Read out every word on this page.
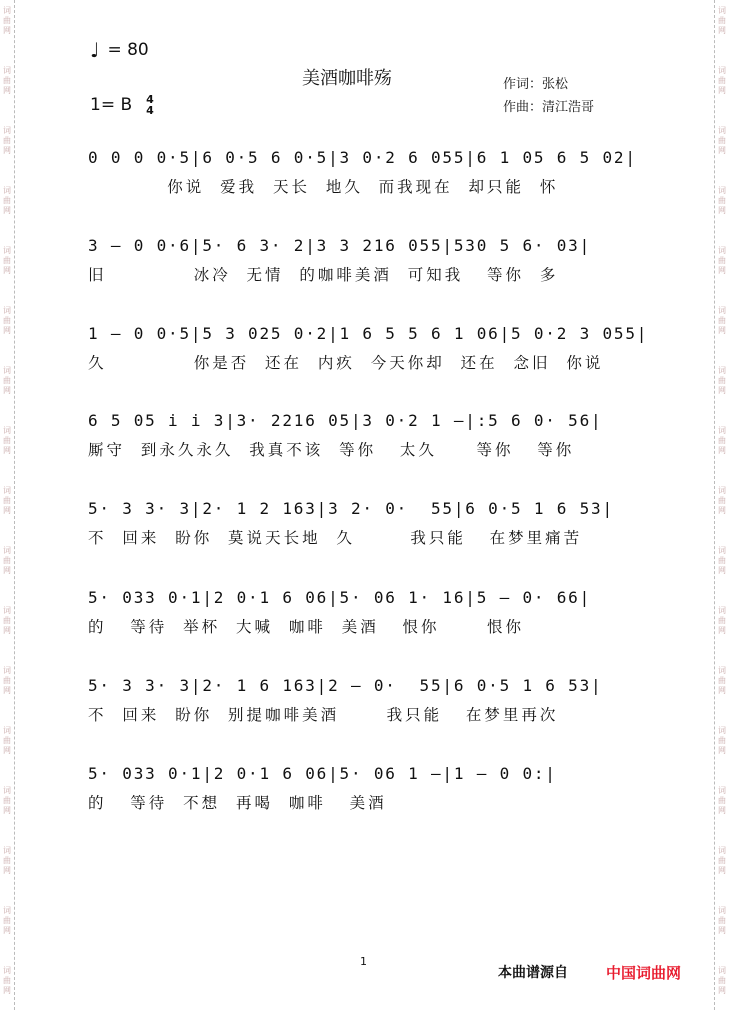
词
曲
网
词
曲
网
词
曲
网
词
曲
网
词
曲
网
词
曲
网
词
曲
网
词
曲
网
词
曲
网
词
曲
网
词
曲
网
词
曲
网
词
曲
网
词
曲
网
词
曲
网
词
曲
网
词
曲
网
词
曲
网
词
曲
网
词
曲
网
词
曲
网
词
曲
网
词
曲
网
词
曲
网
词
曲
网
词
曲
网
词
曲
网
词
曲
网
词
曲
网
词
曲
网
词
曲
网
词
曲
网
词
曲
网
词
曲
网
♩ = 80
美酒咖啡殇
1= B 4
4
作词：张松
作曲：清江浩哥
0 0 0 0·5|6 0·5 6 0·5|3 0·2 6 055|6 1 05 6 5 02|
你说  爱我  天长  地久  而我现在  却只能  怀
3 – 0 0·6|5· 6 3· 2|3 3 216 055|530 5 6· 03|
旧           冰冷  无情  的咖啡美酒  可知我   等你  多
1 – 0 0·5|5 3 025 0·2|1 6 5 5 6 1 06|5 0·2 3 055|
久           你是否  还在  内疚  今天你却  还在  念旧  你说
6 5 05 i i 3|3· 2216 05|3 0·2 1 –|:5 6 0· 56|
厮守  到永久永久  我真不该  等你   太久     等你   等你
5· 3 3· 3|2· 1 2 163|3 2· 0·  55|6 0·5 1 6 53|
不  回来  盼你  莫说天长地  久       我只能   在梦里痛苦
5· 033 0·1|2 0·1 6 06|5· 06 1· 16|5 – 0· 66|
的   等待  举杯  大喊  咖啡  美酒   恨你      恨你
5· 3 3· 3|2· 1 6 163|2 – 0·  55|6 0·5 1 6 53|
不  回来  盼你  别提咖啡美酒      我只能   在梦里再次
5· 033 0·1|2 0·1 6 06|5· 06 1 –|1 – 0 0:|
的   等待  不想  再喝  咖啡   美酒
1
本曲谱源自	中国词曲网
